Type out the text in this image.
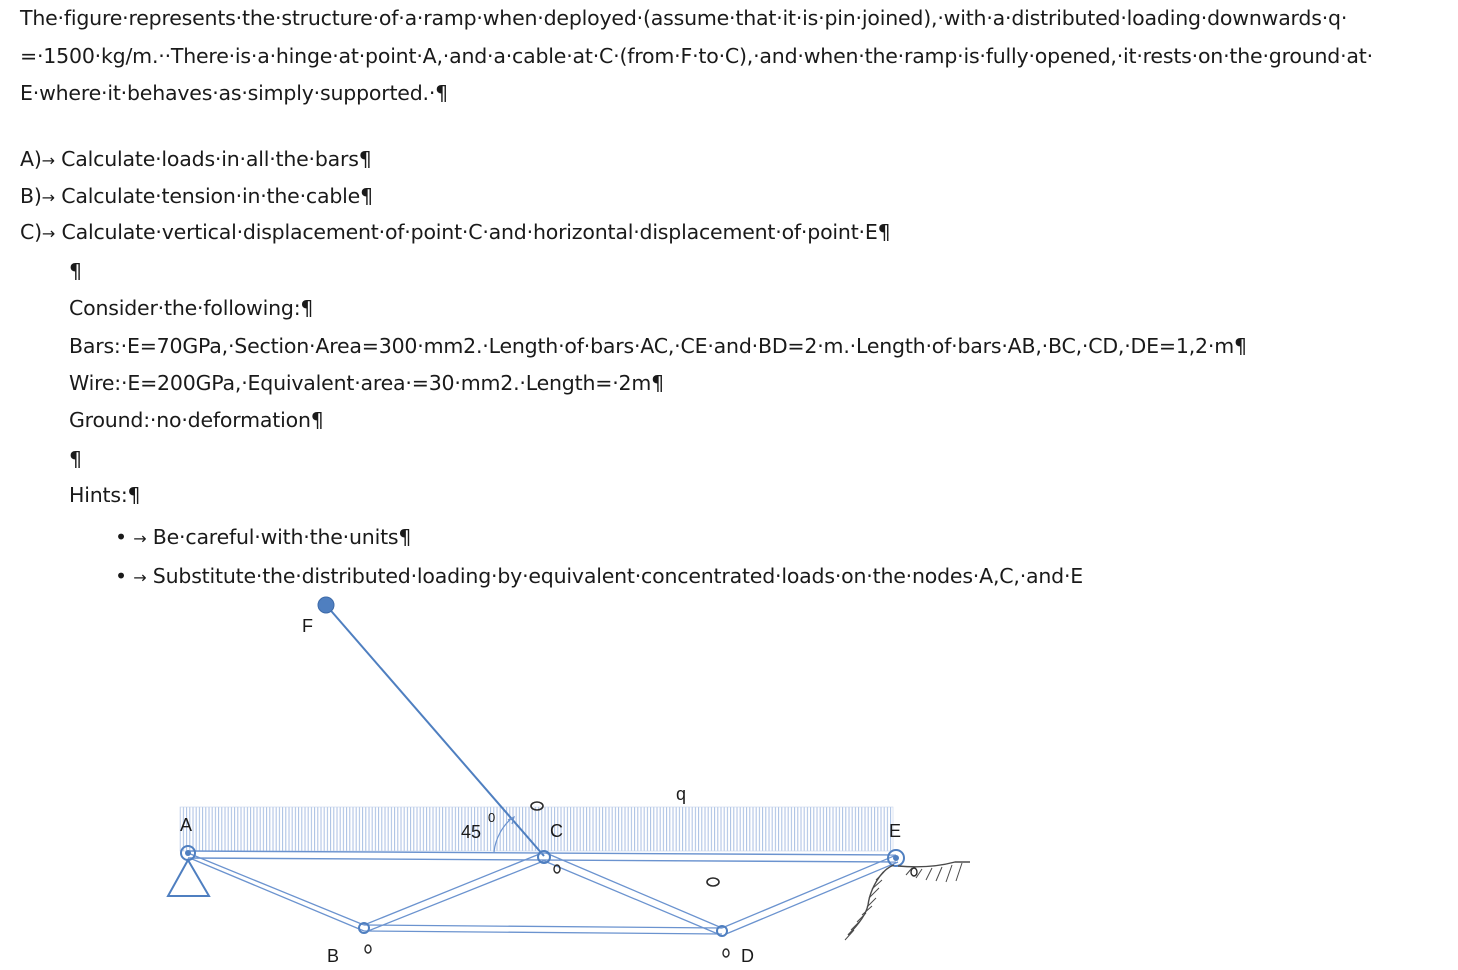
The·figure·represents·the·structure·of·a·ramp·when·deployed·(assume·that·it·is·pin·joined),·with·a·distributed·loading·downwards·q·
=·1500·kg/m.··There·is·a·hinge·at·point·A,·and·a·cable·at·C·(from·F·to·C),·and·when·the·ramp·is·fully·opened,·it·rests·on·the·ground·at·
E·where·it·behaves·as·simply·supported.·¶
A)→ Calculate·loads·in·all·the·bars¶
B)→ Calculate·tension·in·the·cable¶
C)→ Calculate·vertical·displacement·of·point·C·and·horizontal·displacement·of·point·E¶
¶
Consider·the·following:¶
Bars:·E=70GPa,·Section·Area=300·mm2.·Length·of·bars·AC,·CE·and·BD=2·m.·Length·of·bars·AB,·BC,·CD,·DE=1,2·m¶
Wire:·E=200GPa,·Equivalent·area·=30·mm2.·Length=·2m¶
Ground:·no·deformation¶
¶
Hints:¶
• → Be·careful·with·the·units¶
• → Substitute·the·distributed·loading·by·equivalent·concentrated·loads·on·the·nodes·A,C,·and·E
F
A
B
C
D
E
q
45
0
